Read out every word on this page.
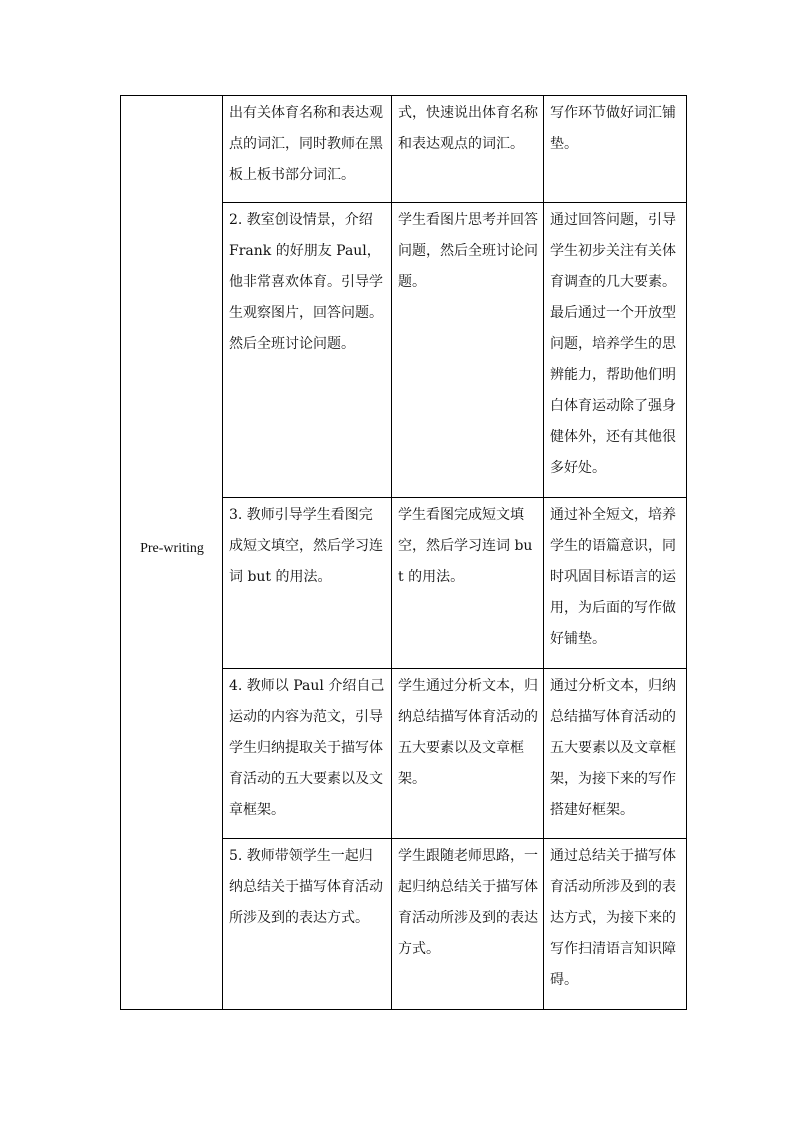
Pre-writing	出有关体育名称和表达观点的词汇，同时教师在黑板上板书部分词汇。	式，快速说出体育名称和表达观点的词汇。	写作环节做好词汇铺垫。
	2. 教室创设情景，介绍 Frank 的好朋友 Paul，他非常喜欢体育。引导学生观察图片，回答问题。然后全班讨论问题。	学生看图片思考并回答问题，然后全班讨论问题。	通过回答问题，引导学生初步关注有关体育调查的几大要素。最后通过一个开放型问题，培养学生的思辨能力，帮助他们明白体育运动除了强身健体外，还有其他很多好处。
	3. 教师引导学生看图完成短文填空，然后学习连词 but 的用法。	学生看图完成短文填空，然后学习连词 but 的用法。	通过补全短文，培养学生的语篇意识，同时巩固目标语言的运用，为后面的写作做好铺垫。
	4. 教师以 Paul 介绍自己运动的内容为范文，引导学生归纳提取关于描写体育活动的五大要素以及文章框架。	学生通过分析文本，归纳总结描写体育活动的五大要素以及文章框架。	通过分析文本，归纳总结描写体育活动的五大要素以及文章框架，为接下来的写作搭建好框架。
	5. 教师带领学生一起归纳总结关于描写体育活动所涉及到的表达方式。	学生跟随老师思路，一起归纳总结关于描写体育活动所涉及到的表达方式。	通过总结关于描写体育活动所涉及到的表达方式，为接下来的写作扫清语言知识障碍。
